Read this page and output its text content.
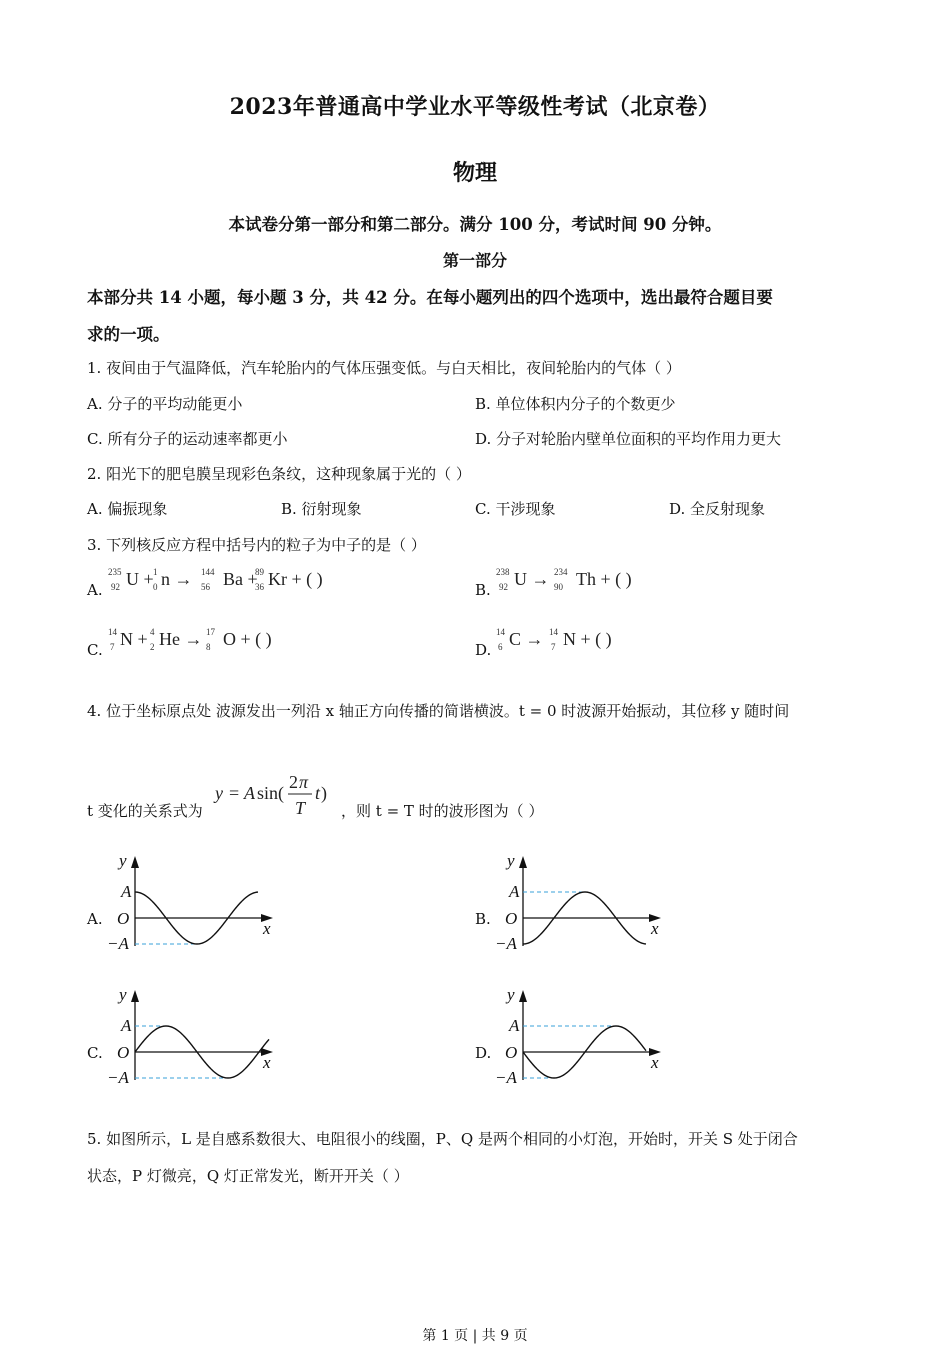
2023年普通高中学业水平等级性考试（北京卷）
物理
本试卷分第一部分和第二部分。满分 100 分，考试时间 90 分钟。
第一部分
本部分共 14 小题，每小题 3 分，共 42 分。在每小题列出的四个选项中，选出最符合题目要
求的一项。
1. 夜间由于气温降低，汽车轮胎内的气体压强变低。与白天相比，夜间轮胎内的气体（ ）
A. 分子的平均动能更小	B. 单位体积内分子的个数更少
C. 所有分子的运动速率都更小	D. 分子对轮胎内壁单位面积的平均作用力更大
2. 阳光下的肥皂膜呈现彩色条纹，这种现象属于光的（ ）
A. 偏振现象	B. 衍射现象	C. 干涉现象	D. 全反射现象
3. 下列核反应方程中括号内的粒子为中子的是（ ）
A.
235
92
1
0
144
56
89
36
U + n → Ba + Kr + ( )
B.
238
92
234
90
U → Th + ( )
C.
14
7
4
2
17
8
N + He → O + ( )
D.
14
6
14
7
C → N + ( )
4. 位于坐标原点处 波源发出一列沿 x 轴正方向传播的简谐横波。t = 0 时波源开始振动，其位移 y 随时间
t 变化的关系式为
y = A sin(
2 π
T
t )
，则 t = T 时的波形图为（ ）
A.	B.
C.	D.
y
A
O
−A
x
y
A
O
−A
x
y
A
O
−A
x
y
A
O
−A
x
5. 如图所示，L 是自感系数很大、电阻很小的线圈，P、Q 是两个相同的小灯泡，开始时，开关 S 处于闭合
状态，P 灯微亮，Q 灯正常发光，断开开关（ ）
第 1 页 | 共 9 页
